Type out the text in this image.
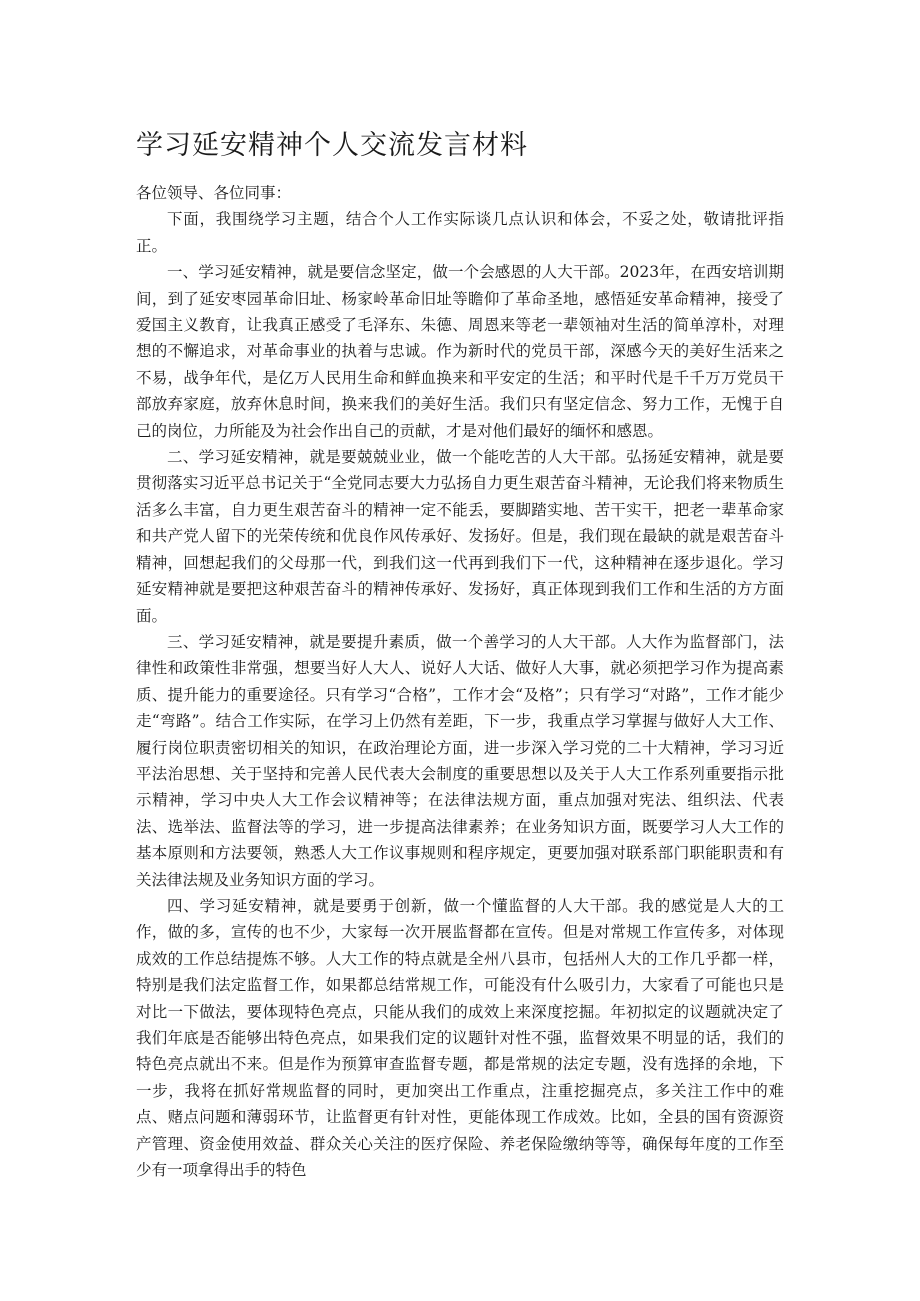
学习延安精神个人交流发言材料

各位领导、各位同事：

下面，我围绕学习主题，结合个人工作实际谈几点认识和体会，不妥之处，敬请批评指正。

一、学习延安精神，就是要信念坚定，做一个会感恩的人大干部。2023年，在西安培训期间，到了延安枣园革命旧址、杨家岭革命旧址等瞻仰了革命圣地，感悟延安革命精神，接受了爱国主义教育，让我真正感受了毛泽东、朱德、周恩来等老一辈领袖对生活的简单淳朴，对理想的不懈追求，对革命事业的执着与忠诚。作为新时代的党员干部，深感今天的美好生活来之不易，战争年代，是亿万人民用生命和鲜血换来和平安定的生活；和平时代是千千万万党员干部放弃家庭，放弃休息时间，换来我们的美好生活。我们只有坚定信念、努力工作，无愧于自己的岗位，力所能及为社会作出自己的贡献，才是对他们最好的缅怀和感恩。

二、学习延安精神，就是要兢兢业业，做一个能吃苦的人大干部。弘扬延安精神，就是要贯彻落实习近平总书记关于“全党同志要大力弘扬自力更生艰苦奋斗精神，无论我们将来物质生活多么丰富，自力更生艰苦奋斗的精神一定不能丢，要脚踏实地、苦干实干，把老一辈革命家和共产党人留下的光荣传统和优良作风传承好、发扬好。但是，我们现在最缺的就是艰苦奋斗精神，回想起我们的父母那一代，到我们这一代再到我们下一代，这种精神在逐步退化。学习延安精神就是要把这种艰苦奋斗的精神传承好、发扬好，真正体现到我们工作和生活的方方面面。

三、学习延安精神，就是要提升素质，做一个善学习的人大干部。人大作为监督部门，法律性和政策性非常强，想要当好人大人、说好人大话、做好人大事，就必须把学习作为提高素质、提升能力的重要途径。只有学习“合格”，工作才会“及格”；只有学习“对路”，工作才能少走“弯路”。结合工作实际，在学习上仍然有差距，下一步，我重点学习掌握与做好人大工作、履行岗位职责密切相关的知识，在政治理论方面，进一步深入学习党的二十大精神，学习习近平法治思想、关于坚持和完善人民代表大会制度的重要思想以及关于人大工作系列重要指示批示精神，学习中央人大工作会议精神等；在法律法规方面，重点加强对宪法、组织法、代表法、选举法、监督法等的学习，进一步提高法律素养；在业务知识方面，既要学习人大工作的基本原则和方法要领，熟悉人大工作议事规则和程序规定，更要加强对联系部门职能职责和有关法律法规及业务知识方面的学习。

四、学习延安精神，就是要勇于创新，做一个懂监督的人大干部。我的感觉是人大的工作，做的多，宣传的也不少，大家每一次开展监督都在宣传。但是对常规工作宣传多，对体现成效的工作总结提炼不够。人大工作的特点就是全州八县市，包括州人大的工作几乎都一样，特别是我们法定监督工作，如果都总结常规工作，可能没有什么吸引力，大家看了可能也只是对比一下做法，要体现特色亮点，只能从我们的成效上来深度挖掘。年初拟定的议题就决定了我们年底是否能够出特色亮点，如果我们定的议题针对性不强，监督效果不明显的话，我们的特色亮点就出不来。但是作为预算审查监督专题，都是常规的法定专题，没有选择的余地，下一步，我将在抓好常规监督的同时，更加突出工作重点，注重挖掘亮点，多关注工作中的难点、赌点问题和薄弱环节，让监督更有针对性，更能体现工作成效。比如，全县的国有资源资产管理、资金使用效益、群众关心关注的医疗保险、养老保险缴纳等等，确保每年度的工作至少有一项拿得出手的特色
